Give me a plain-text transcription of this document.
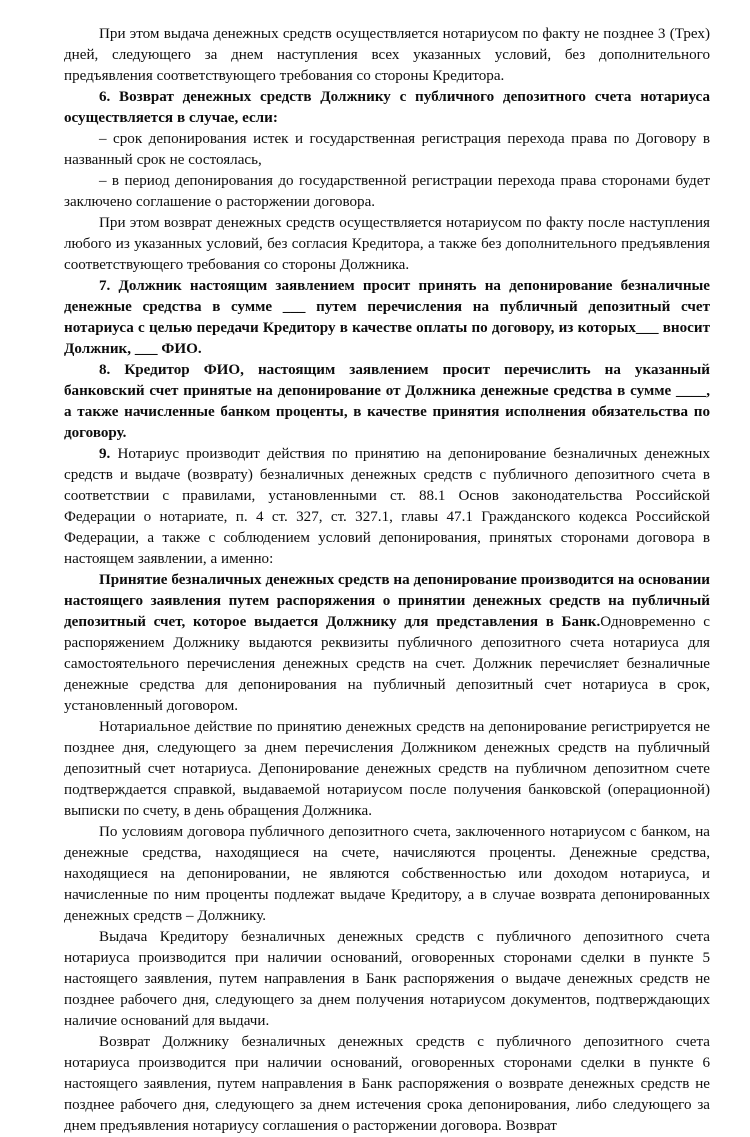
При этом выдача денежных средств осуществляется нотариусом по факту не позднее 3 (Трех) дней, следующего за днем наступления всех указанных условий, без дополнительного предъявления соответствующего требования со стороны Кредитора.

6. Возврат денежных средств Должнику с публичного депозитного счета нотариуса осуществляется в случае, если:

– срок депонирования истек и государственная регистрация перехода права по Договору в названный срок не состоялась,

– в период депонирования до государственной регистрации перехода права сторонами будет заключено соглашение о расторжении договора.

При этом возврат денежных средств осуществляется нотариусом по факту после наступления любого из указанных условий, без согласия Кредитора, а также без дополнительного предъявления соответствующего требования со стороны Должника.

7. Должник настоящим заявлением просит принять на депонирование безналичные денежные средства в сумме ___ путем перечисления на публичный депозитный счет нотариуса с целью передачи Кредитору в качестве оплаты по договору, из которых___ вносит Должник, ___ ФИО.

8. Кредитор ФИО, настоящим заявлением просит перечислить на указанный банковский счет принятые на депонирование от Должника денежные средства в сумме ____, а также начисленные банком проценты, в качестве принятия исполнения обязательства по договору.

9. Нотариус производит действия по принятию на депонирование безналичных денежных средств и выдаче (возврату) безналичных денежных средств с публичного депозитного счета в соответствии с правилами, установленными ст. 88.1 Основ законодательства Российской Федерации о нотариате, п. 4 ст. 327, ст. 327.1, главы 47.1 Гражданского кодекса Российской Федерации, а также с соблюдением условий депонирования, принятых сторонами договора в настоящем заявлении, а именно:

Принятие безналичных денежных средств на депонирование производится на основании настоящего заявления путем распоряжения о принятии денежных средств на публичный депозитный счет, которое выдается Должнику для представления в Банк.Одновременно с распоряжением Должнику выдаются реквизиты публичного депозитного счета нотариуса для самостоятельного перечисления денежных средств на счет. Должник перечисляет безналичные денежные средства для депонирования на публичный депозитный счет нотариуса в срок, установленный договором.

Нотариальное действие по принятию денежных средств на депонирование регистрируется не позднее дня, следующего за днем перечисления Должником денежных средств на публичный депозитный счет нотариуса. Депонирование денежных средств на публичном депозитном счете подтверждается справкой, выдаваемой нотариусом после получения банковской (операционной) выписки по счету, в день обращения Должника.

По условиям договора публичного депозитного счета, заключенного нотариусом с банком, на денежные средства, находящиеся на счете, начисляются проценты. Денежные средства, находящиеся на депонировании, не являются собственностью или доходом нотариуса, и начисленные по ним проценты подлежат выдаче Кредитору, а в случае возврата депонированных денежных средств – Должнику.

Выдача Кредитору безналичных денежных средств с публичного депозитного счета нотариуса производится при наличии оснований, оговоренных сторонами сделки в пункте 5 настоящего заявления, путем направления в Банк распоряжения о выдаче денежных средств не позднее рабочего дня, следующего за днем получения нотариусом документов, подтверждающих наличие оснований для выдачи.

Возврат Должнику безналичных денежных средств с публичного депозитного счета нотариуса производится при наличии оснований, оговоренных сторонами сделки в пункте 6 настоящего заявления, путем направления в Банк распоряжения о возврате денежных средств не позднее рабочего дня, следующего за днем истечения срока депонирования, либо следующего за днем предъявления нотариусу соглашения о расторжении договора. Возврат
